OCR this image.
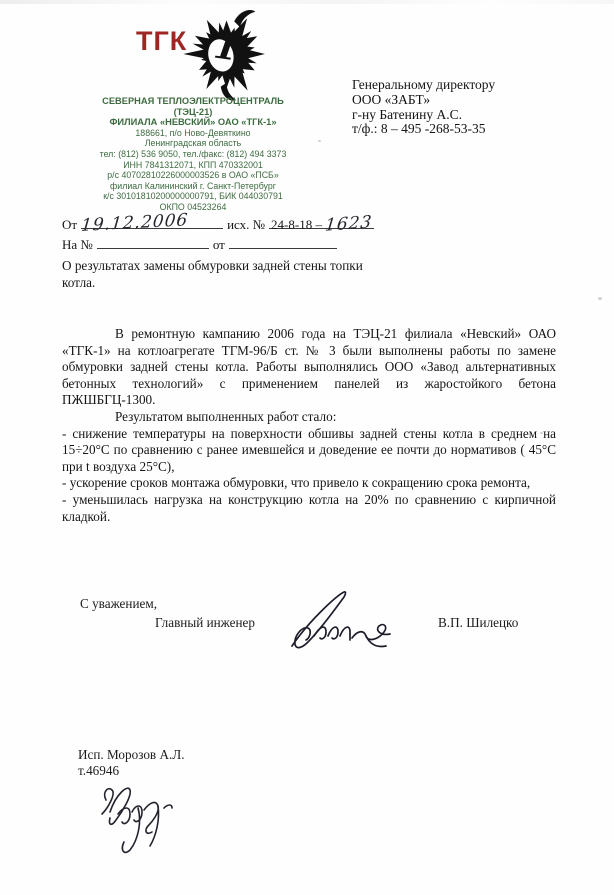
ТГК 1
СЕВЕРНАЯ ТЕПЛОЭЛЕКТРОЦЕНТРАЛЬ
(ТЭЦ-21)
ФИЛИАЛА «НЕВСКИЙ» ОАО «ТГК-1»
188661, п/о Ново-Девяткино
Ленинградская область
тел: (812) 536 9050, тел./факс: (812) 494 3373
ИНН 7841312071, КПП 470332001
р/с 40702810226000003526 в ОАО «ПСБ»
филиал Калининский г. Санкт-Петербург
к/с 30101810200000000791, БИК 044030791
ОКПО 04523264
Генеральному директору
ООО «ЗАБТ»
г-ну Батенину А.С.
т/ф.: 8 – 495 -268-53-35
От 19.12.2006	исх. № 24-8-18 – 1623
На №	от
О результатах замены обмуровки задней стены топки котла.

В ремонтную кампанию 2006 года на ТЭЦ-21 филиала «Невский» ОАО «ТГК-1» на котлоагрегате ТГМ-96/Б ст. № 3 были выполнены работы по замене обмуровки задней стены котла. Работы выполнялись ООО «Завод альтернативных бетонных технологий» с применением панелей из жаростойкого бетона ПЖШБГЦ-1300.

Результатом выполненных работ стало:

- снижение температуры на поверхности обшивы задней стены котла в среднем на 15÷20°С по сравнению с ранее имевшейся и доведение ее почти до нормативов ( 45°С при t воздуха 25°С),

- ускорение сроков монтажа обмуровки, что привело к сокращению срока ремонта,

- уменьшилась нагрузка на конструкцию котла на 20% по сравнению с кирпичной кладкой.

С уважением,
Главный инженер	В.П. Шилецко
Исп. Морозов А.Л.
т.46946
